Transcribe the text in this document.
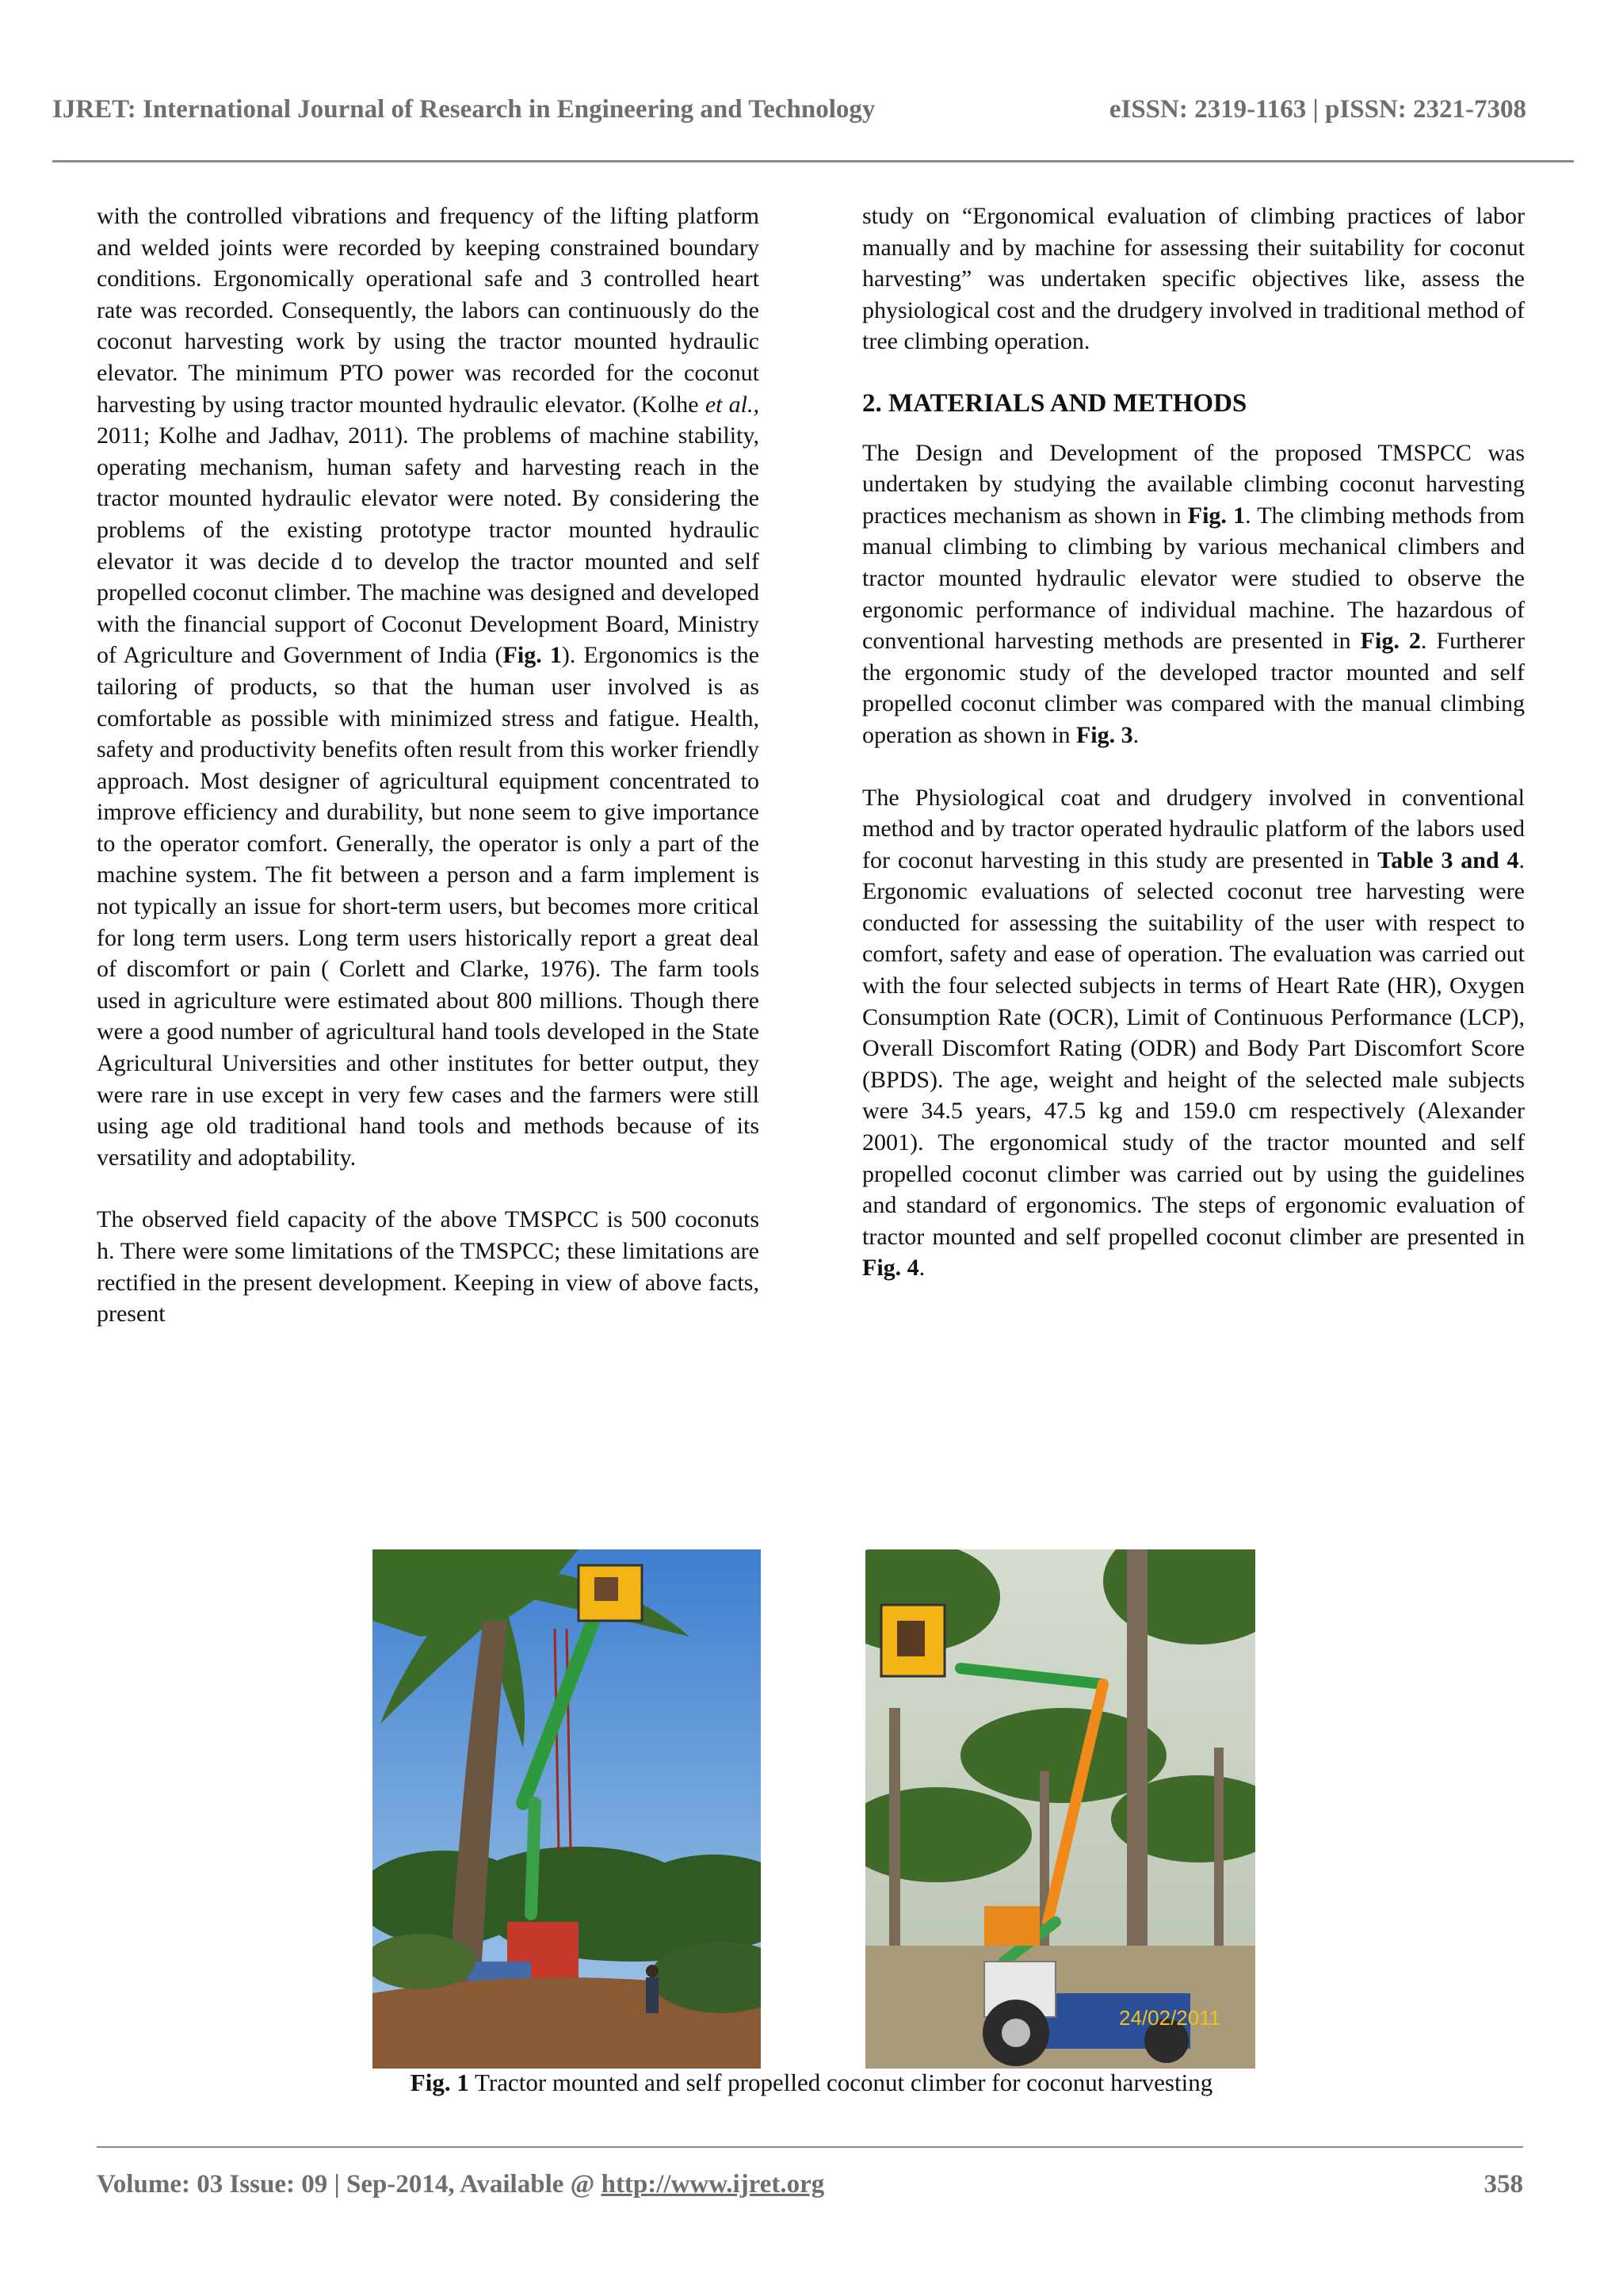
IJRET: International Journal of Research in Engineering and Technology	eISSN: 2319-1163 | pISSN: 2321-7308

with the controlled vibrations and frequency of the lifting platform and welded joints were recorded by keeping constrained boundary conditions. Ergonomically operational safe and 3 controlled heart rate was recorded. Consequently, the labors can continuously do the coconut harvesting work by using the tractor mounted hydraulic elevator. The minimum PTO power was recorded for the coconut harvesting by using tractor mounted hydraulic elevator. (Kolhe et al., 2011; Kolhe and Jadhav, 2011). The problems of machine stability, operating mechanism, human safety and harvesting reach in the tractor mounted hydraulic elevator were noted. By considering the problems of the existing prototype tractor mounted hydraulic elevator it was decide d to develop the tractor mounted and self propelled coconut climber. The machine was designed and developed with the financial support of Coconut Development Board, Ministry of Agriculture and Government of India (Fig. 1). Ergonomics is the tailoring of products, so that the human user involved is as comfortable as possible with minimized stress and fatigue. Health, safety and productivity benefits often result from this worker friendly approach. Most designer of agricultural equipment concentrated to improve efficiency and durability, but none seem to give importance to the operator comfort. Generally, the operator is only a part of the machine system. The fit between a person and a farm implement is not typically an issue for short-term users, but becomes more critical for long term users. Long term users historically report a great deal of discomfort or pain ( Corlett and Clarke, 1976). The farm tools used in agriculture were estimated about 800 millions. Though there were a good number of agricultural hand tools developed in the State Agricultural Universities and other institutes for better output, they were rare in use except in very few cases and the farmers were still using age old traditional hand tools and methods because of its versatility and adoptability.

The observed field capacity of the above TMSPCC is 500 coconuts h. There were some limitations of the TMSPCC; these limitations are rectified in the present development. Keeping in view of above facts, present

study on “Ergonomical evaluation of climbing practices of labor manually and by machine for assessing their suitability for coconut harvesting” was undertaken specific objectives like, assess the physiological cost and the drudgery involved in traditional method of tree climbing operation.

2. MATERIALS AND METHODS

The Design and Development of the proposed TMSPCC was undertaken by studying the available climbing coconut harvesting practices mechanism as shown in Fig. 1. The climbing methods from manual climbing to climbing by various mechanical climbers and tractor mounted hydraulic elevator were studied to observe the ergonomic performance of individual machine. The hazardous of conventional harvesting methods are presented in Fig. 2. Furtherer the ergonomic study of the developed tractor mounted and self propelled coconut climber was compared with the manual climbing operation as shown in Fig. 3.

The Physiological coat and drudgery involved in conventional method and by tractor operated hydraulic platform of the labors used for coconut harvesting in this study are presented in Table 3 and 4. Ergonomic evaluations of selected coconut tree harvesting were conducted for assessing the suitability of the user with respect to comfort, safety and ease of operation. The evaluation was carried out with the four selected subjects in terms of Heart Rate (HR), Oxygen Consumption Rate (OCR), Limit of Continuous Performance (LCP), Overall Discomfort Rating (ODR) and Body Part Discomfort Score (BPDS). The age, weight and height of the selected male subjects were 34.5 years, 47.5 kg and 159.0 cm respectively (Alexander 2001). The ergonomical study of the tractor mounted and self propelled coconut climber was carried out by using the guidelines and standard of ergonomics. The steps of ergonomic evaluation of tractor mounted and self propelled coconut climber are presented in Fig. 4.

24/02/2011
Fig. 1 Tractor mounted and self propelled coconut climber for coconut harvesting
Volume: 03 Issue: 09 | Sep-2014, Available @ http://www.ijret.org	358
